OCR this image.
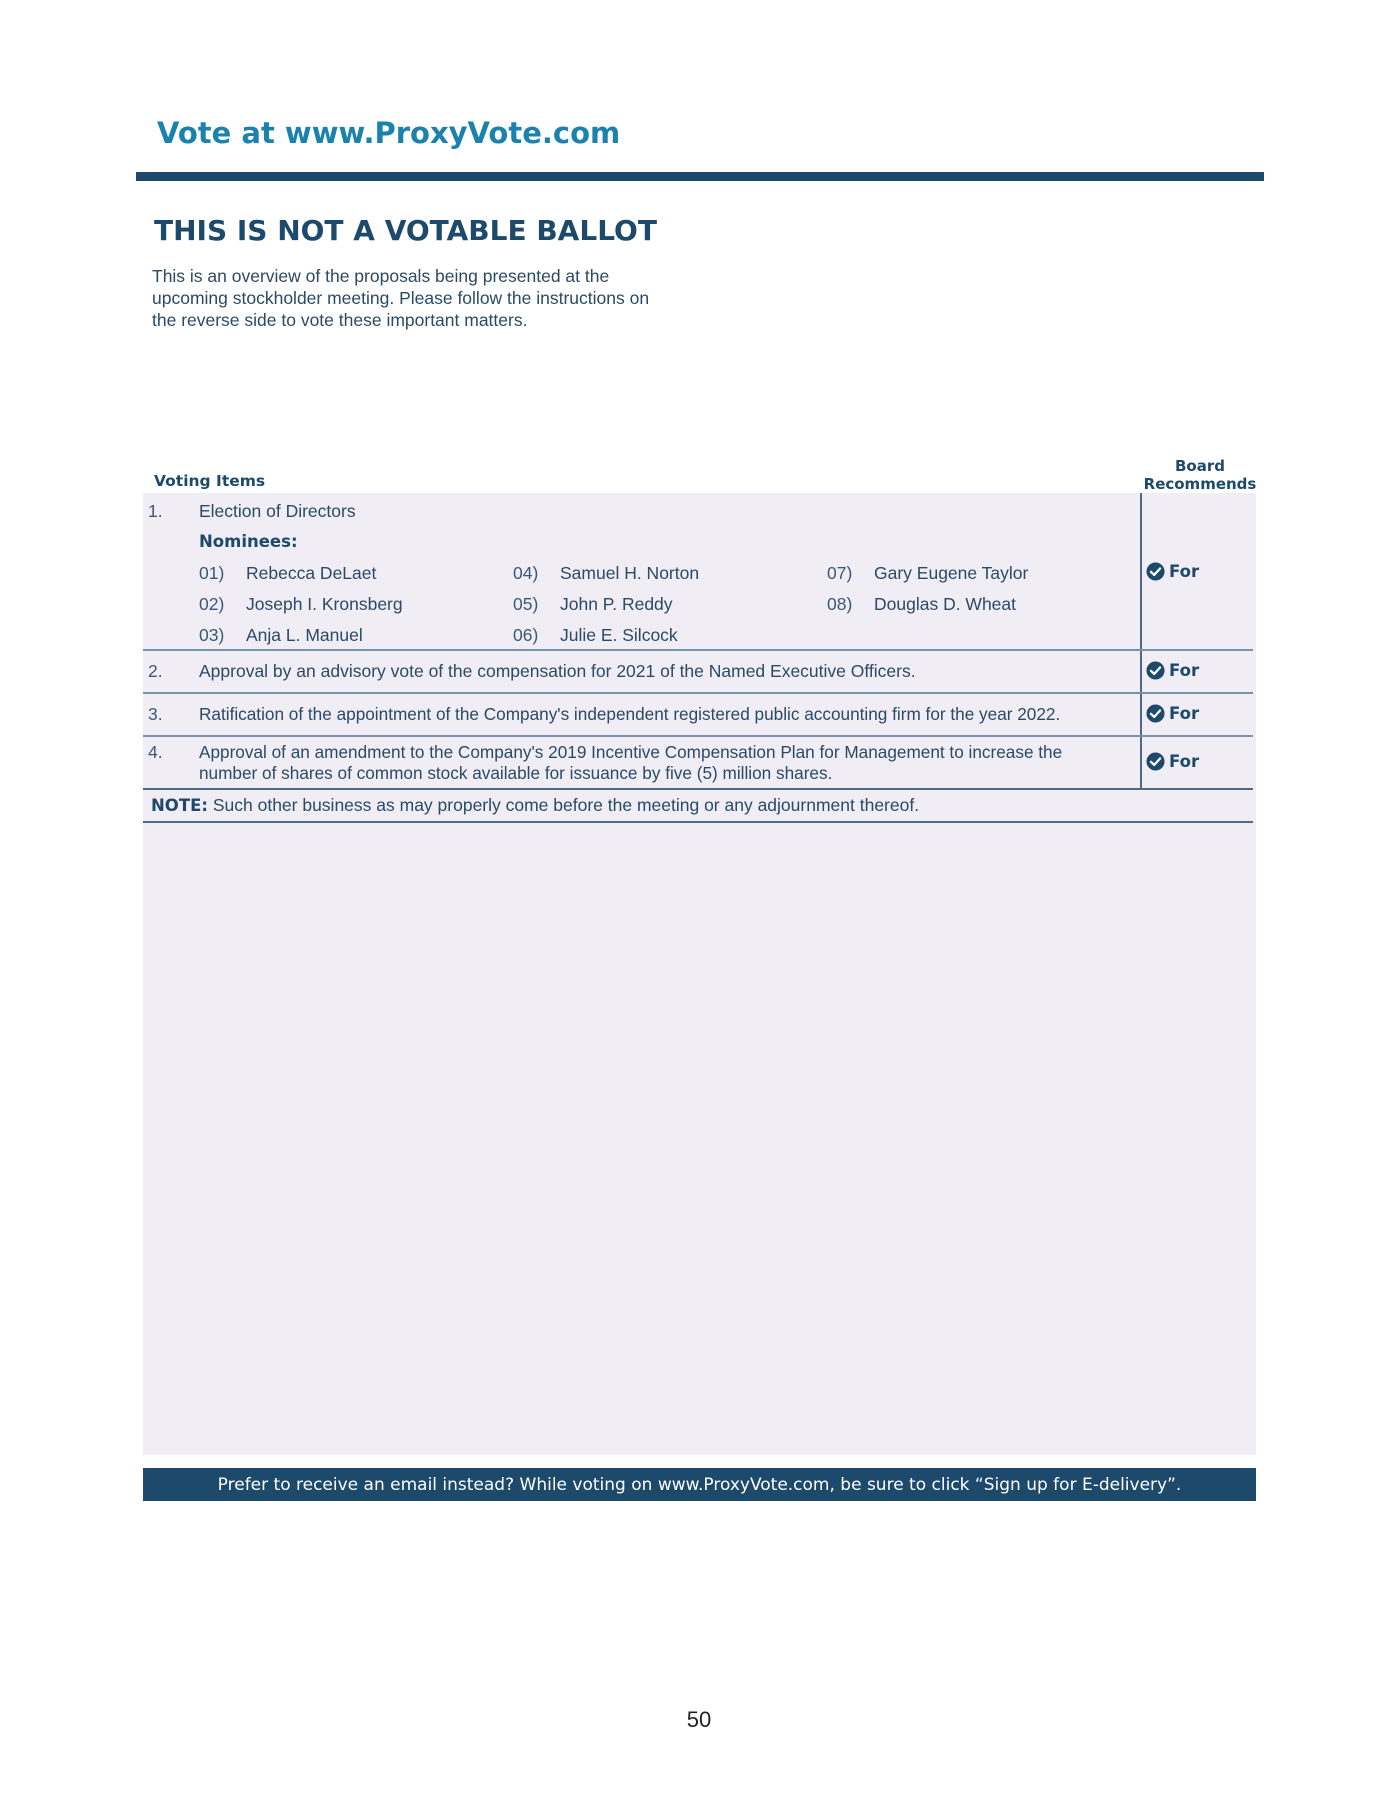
Vote at www.ProxyVote.com
THIS IS NOT A VOTABLE BALLOT
This is an overview of the proposals being presented at the
upcoming stockholder meeting. Please follow the instructions on
the reverse side to vote these important matters.
Board
Recommends
Voting Items
1. Election of Directors
Nominees:
01) Rebecca DeLaet
02) Joseph I. Kronsberg
03) Anja L. Manuel
04) Samuel H. Norton
05) John P. Reddy
06) Julie E. Silcock
07) Gary Eugene Taylor
08) Douglas D. Wheat
For
2. Approval by an advisory vote of the compensation for 2021 of the Named Executive Officers.	For
3. Ratification of the appointment of the Company's independent registered public accounting firm for the year 2022.	For
4. Approval of an amendment to the Company's 2019 Incentive Compensation Plan for Management to increase the
number of shares of common stock available for issuance by five (5) million shares.
For
NOTE: Such other business as may properly come before the meeting or any adjournment thereof.
Prefer to receive an email instead? While voting on www.ProxyVote.com, be sure to click “Sign up for E-delivery”.
50
